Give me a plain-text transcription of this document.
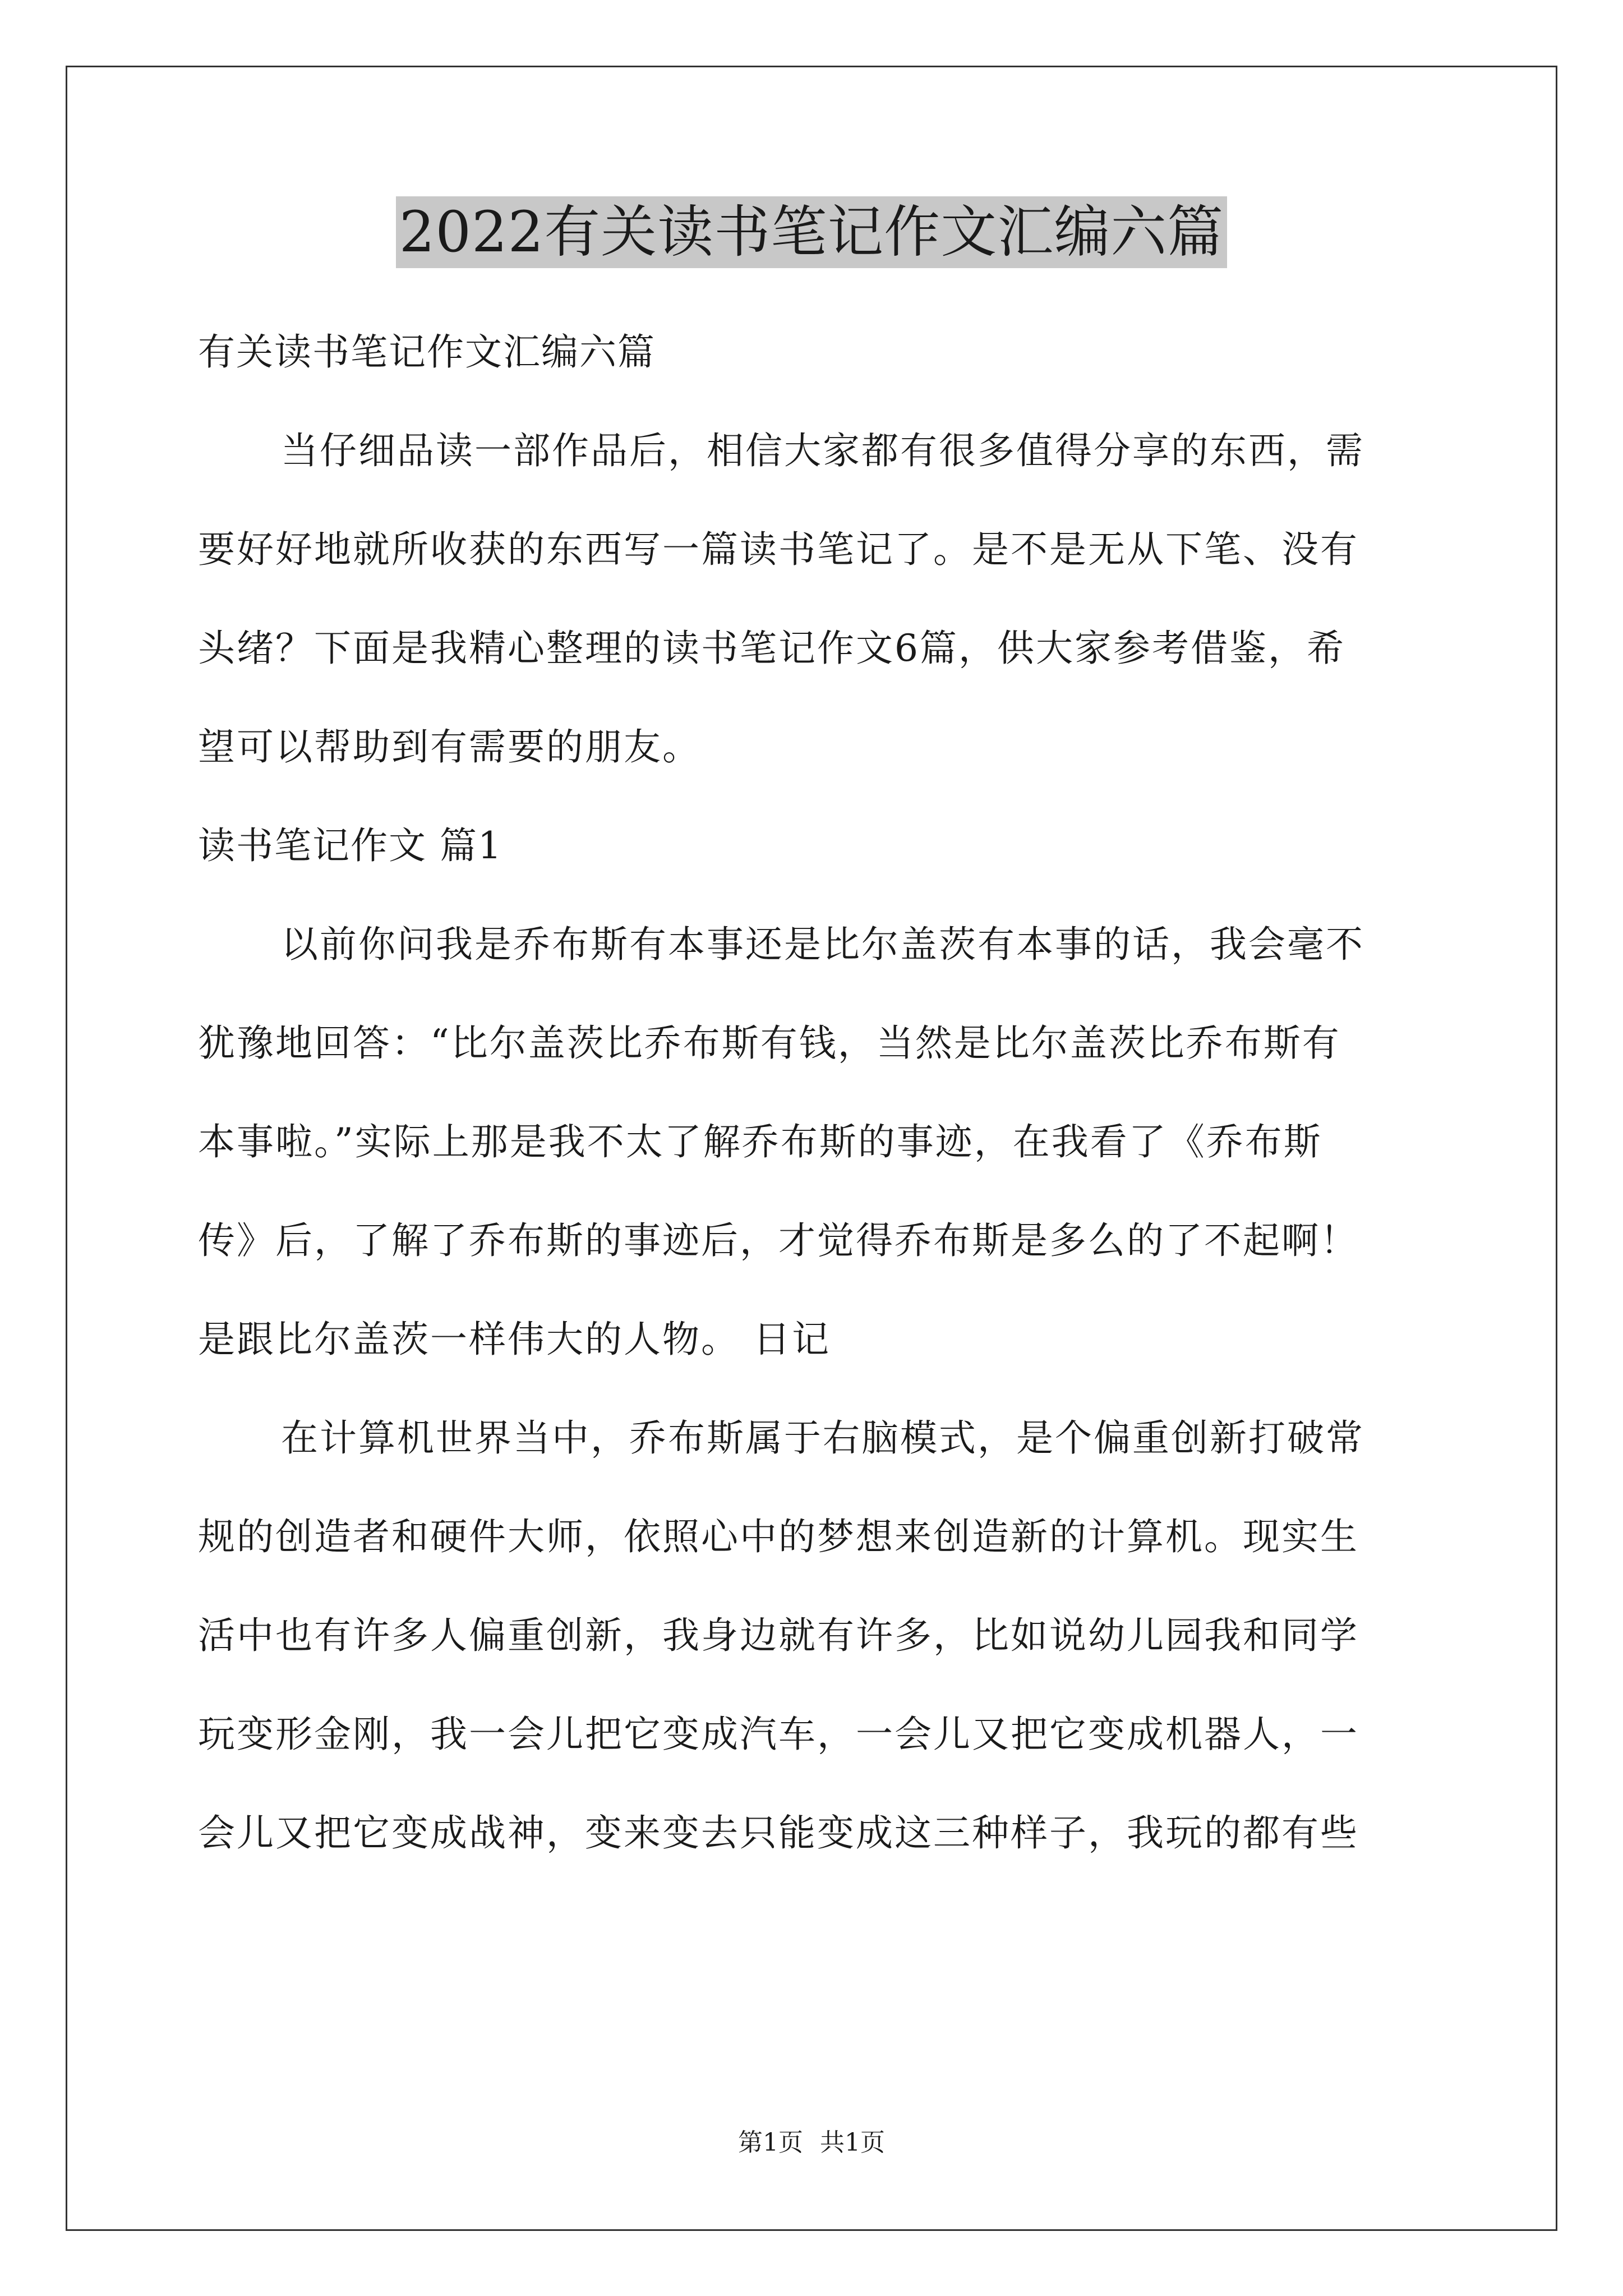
2022有关读书笔记作文汇编六篇
有关读书笔记作文汇编六篇
当仔细品读一部作品后，相信大家都有很多值得分享的东西，需
要好好地就所收获的东西写一篇读书笔记了。是不是无从下笔、没有
头绪？下面是我精心整理的读书笔记作文6篇，供大家参考借鉴，希
望可以帮助到有需要的朋友。
读书笔记作文 篇1
以前你问我是乔布斯有本事还是比尔盖茨有本事的话，我会毫不
犹豫地回答：“比尔盖茨比乔布斯有钱，当然是比尔盖茨比乔布斯有
本事啦。”实际上那是我不太了解乔布斯的事迹，在我看了《乔布斯
传》后，了解了乔布斯的事迹后，才觉得乔布斯是多么的了不起啊！
是跟比尔盖茨一样伟大的人物。 日记
在计算机世界当中，乔布斯属于右脑模式，是个偏重创新打破常
规的创造者和硬件大师，依照心中的梦想来创造新的计算机。现实生
活中也有许多人偏重创新，我身边就有许多，比如说幼儿园我和同学
玩变形金刚，我一会儿把它变成汽车，一会儿又把它变成机器人，一
会儿又把它变成战神，变来变去只能变成这三种样子，我玩的都有些
第1页 共1页
